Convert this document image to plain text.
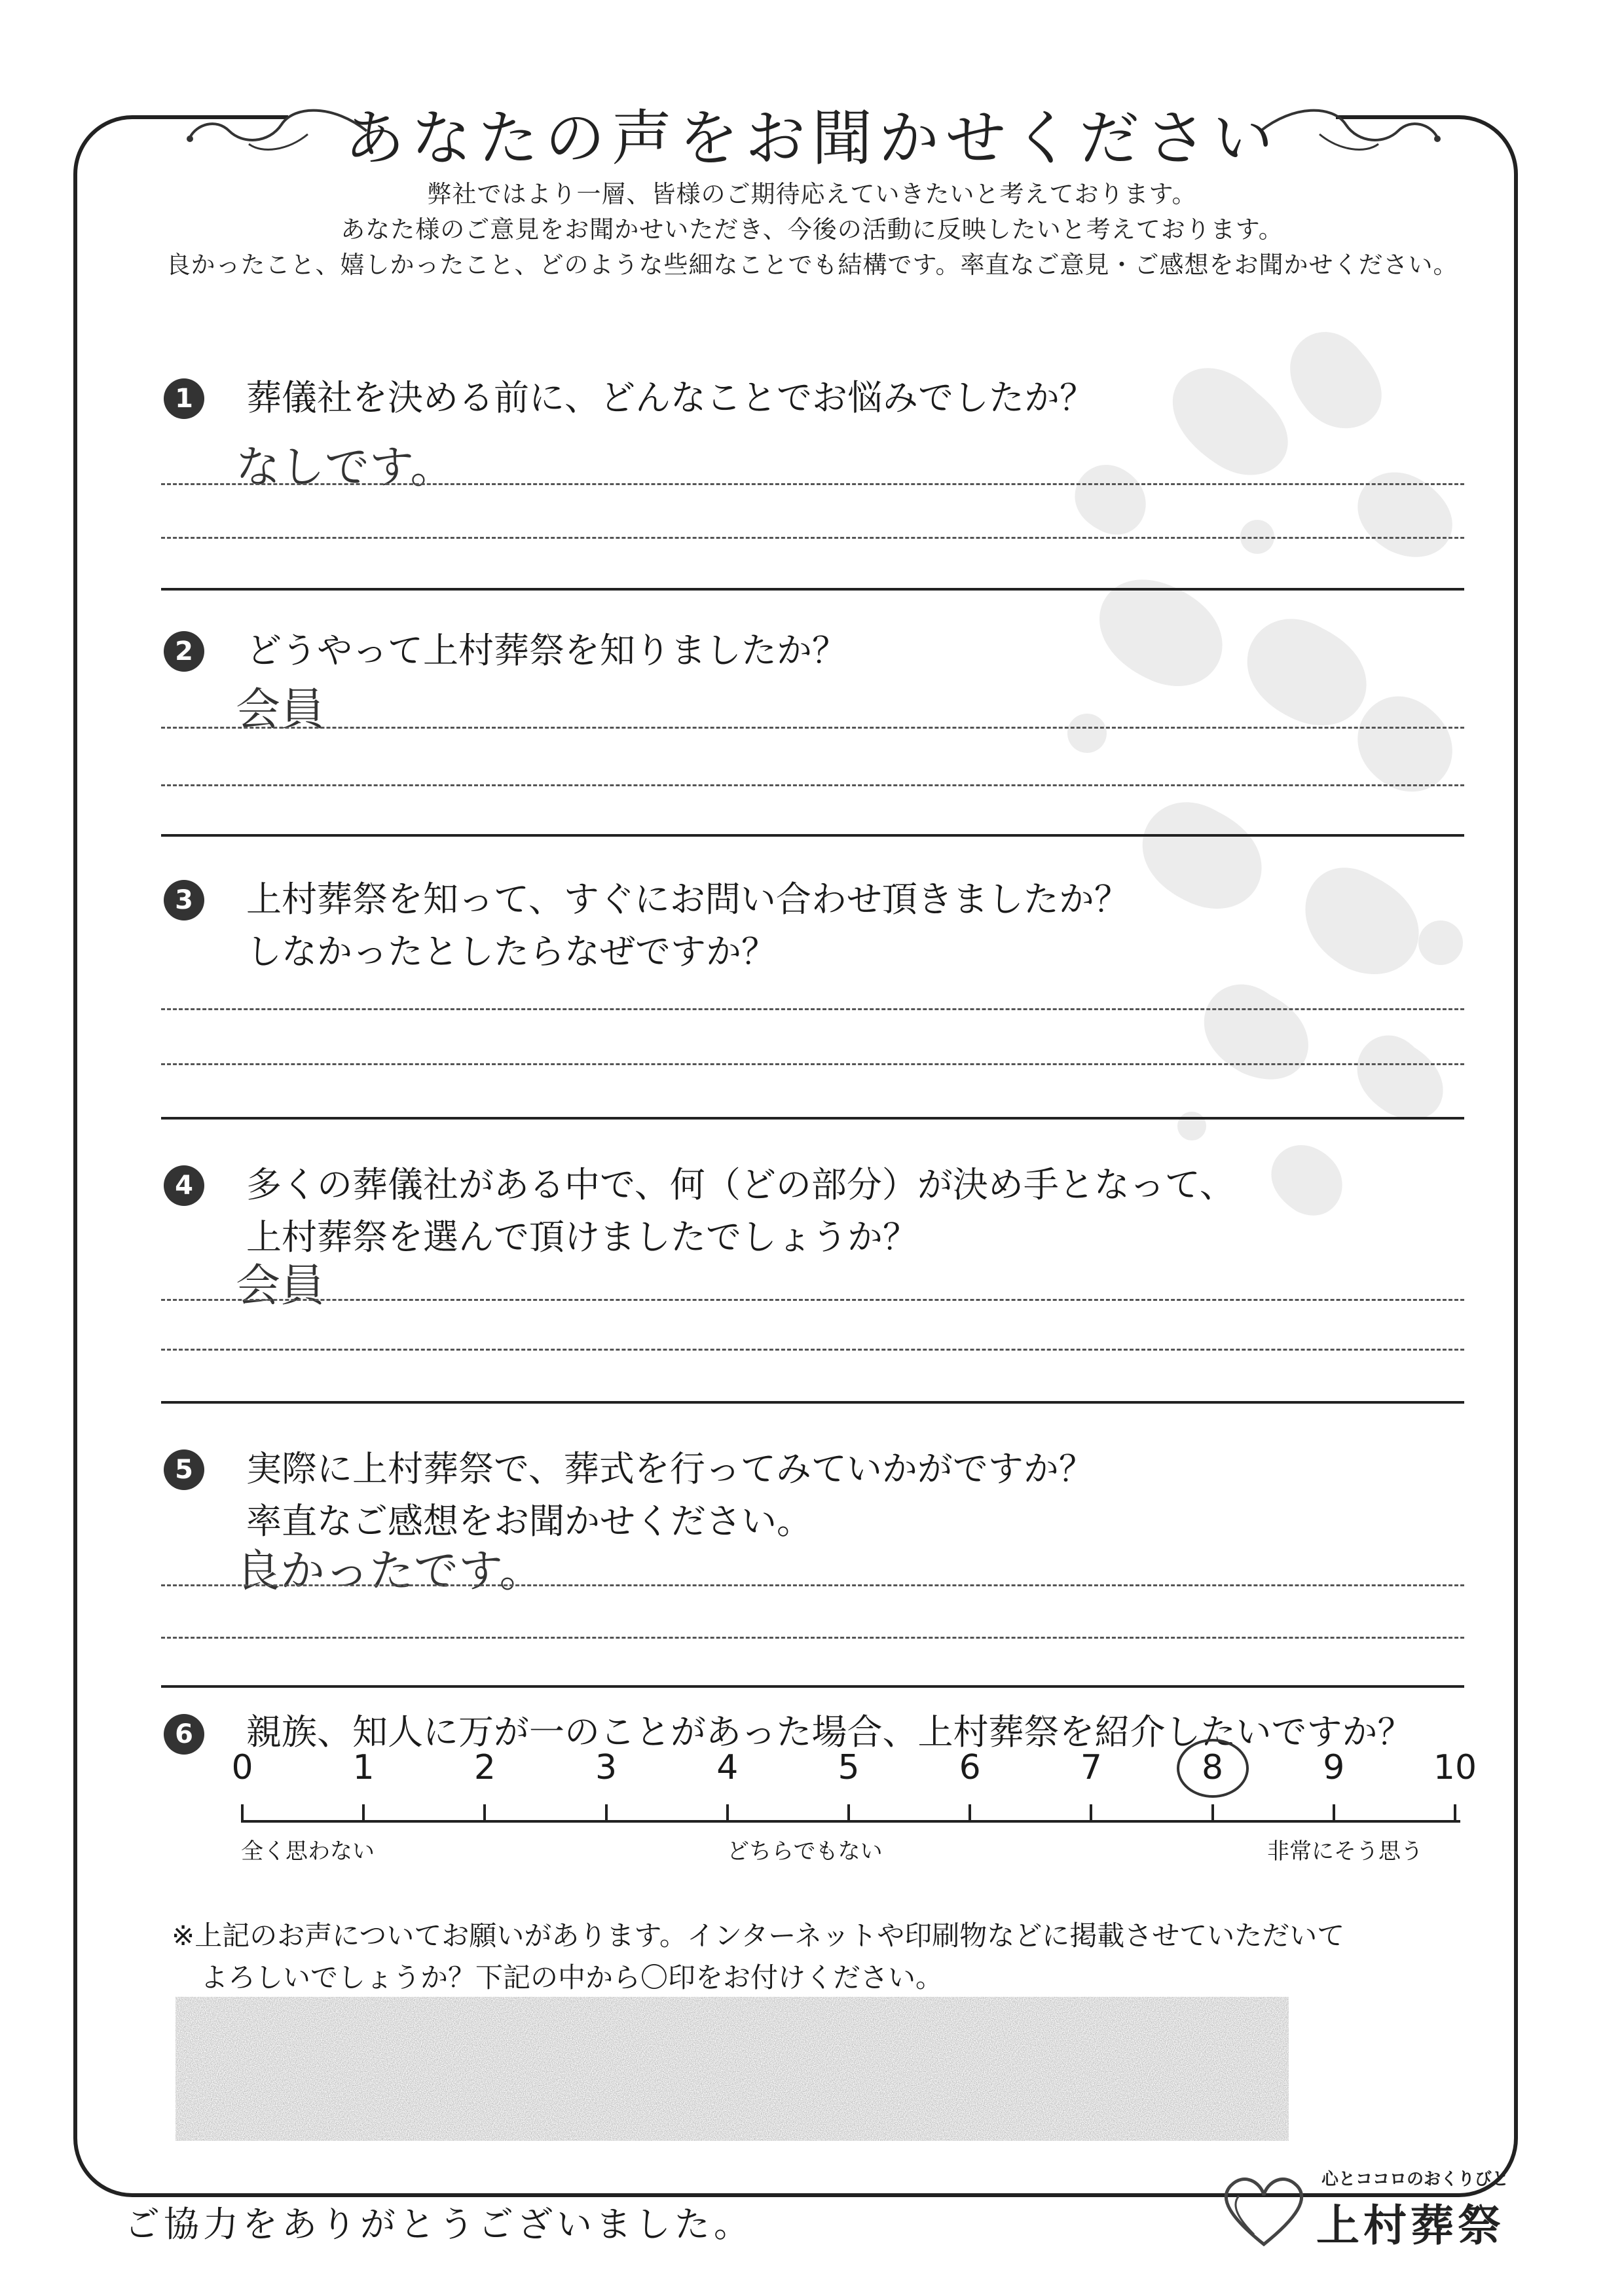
あなたの声をお聞かせください
弊社ではより一層、皆様のご期待応えていきたいと考えております。
あなた様のご意見をお聞かせいただき、今後の活動に反映したいと考えております。
良かったこと、嬉しかったこと、どのような些細なことでも結構です。率直なご意見・ご感想をお聞かせください。
1	葬儀社を決める前に、どんなことでお悩みでしたか？
なしです。
2	どうやって上村葬祭を知りましたか？
会員
3	上村葬祭を知って、すぐにお問い合わせ頂きましたか？
しなかったとしたらなぜですか？
4	多くの葬儀社がある中で、何（どの部分）が決め手となって、
上村葬祭を選んで頂けましたでしょうか？
会員
5	実際に上村葬祭で、葬式を行ってみていかがですか？
率直なご感想をお聞かせください。
良かったです。
6	親族、知人に万が一のことがあった場合、上村葬祭を紹介したいですか？
全く思わない	どちらでもない	非常にそう思う
※上記のお声についてお願いがあります。インターネットや印刷物などに掲載させていただいて
よろしいでしょうか？下記の中から〇印をお付けください。
ご協力をありがとうございました。
心とココロのおくりびと
上村葬祭
0	1	2	3	4	5	6	7	8	9	10
